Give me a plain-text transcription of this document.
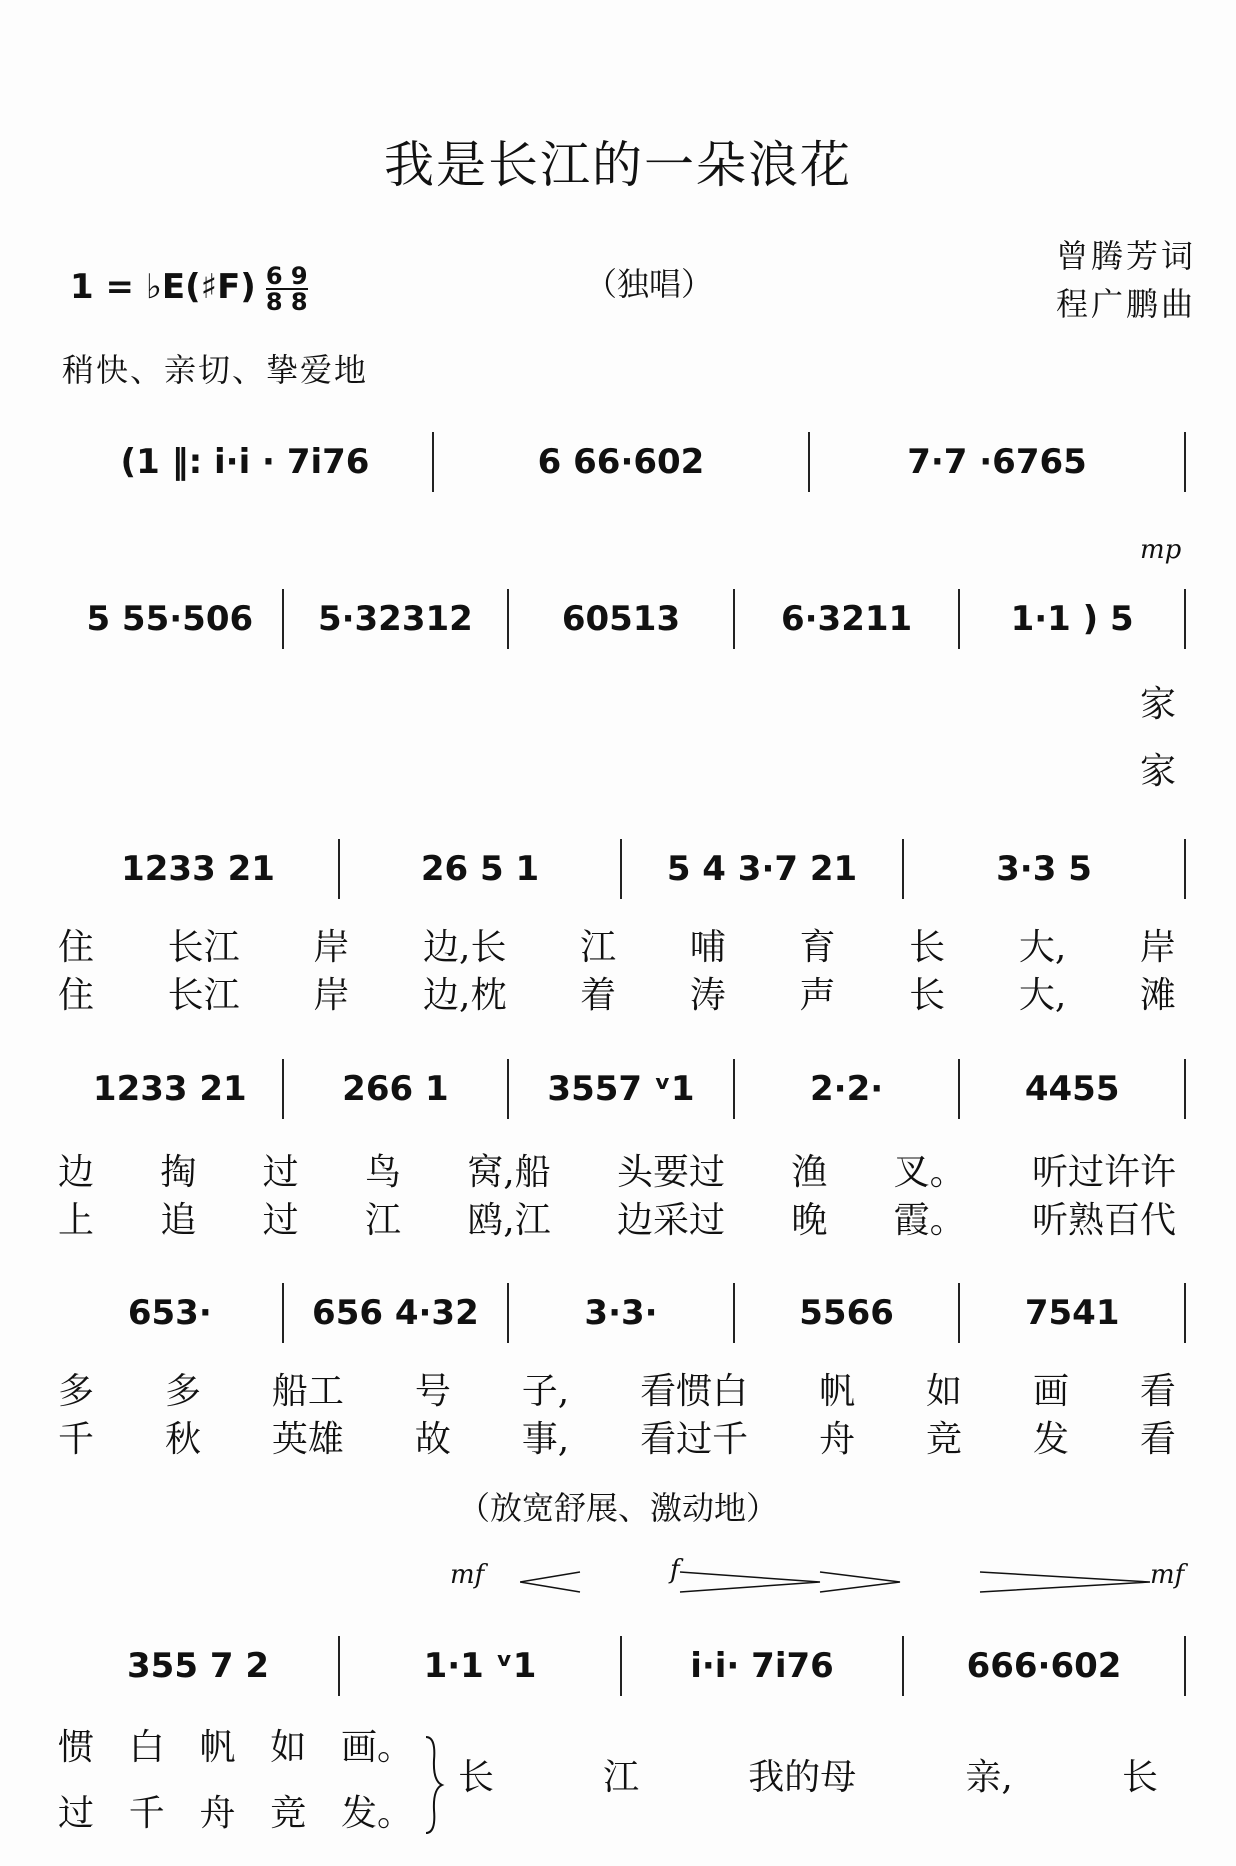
我是长江的一朵浪花
1 = ♭E(♯F) $\frac{6 9}{8 8}$	（独唱）
曾腾芳词
程广鹏曲
稍快、亲切、挚爱地
(1 ‖: i·i · 7i76	6 66·602	7·7 ·6765
mp
5 55·506	5·32312	60513	6·3211	1·1 ) 5
家
家
1233 21	26 5 1	5 4 3·7 21	3·3 5
住 长江 岸 边,长 江 哺 育 长 大, 岸
住 长江 岸 边,枕 着 涛 声 长 大, 滩
1233 21	266 1	3557 ᵛ1	2·2·	4455
边 掏 过 鸟 窝,船 头要过 渔 叉。 听过许许
上 追 过 江 鸥,江 边采过 晚 霞。 听熟百代
653·	656 4·32	3·3·	5566	7541
多 多 船工 号 子, 看惯白 帆 如 画 看
千 秋 英雄 故 事, 看过千 舟 竞 发 看
（放宽舒展、激动地）
mf	f	mf
355 7 2	1·1 ᵛ1	i·i· 7i76	666·602
惯 白 帆 如 画。
过 千 舟 竞 发。
长	江	我的母	亲,	长
